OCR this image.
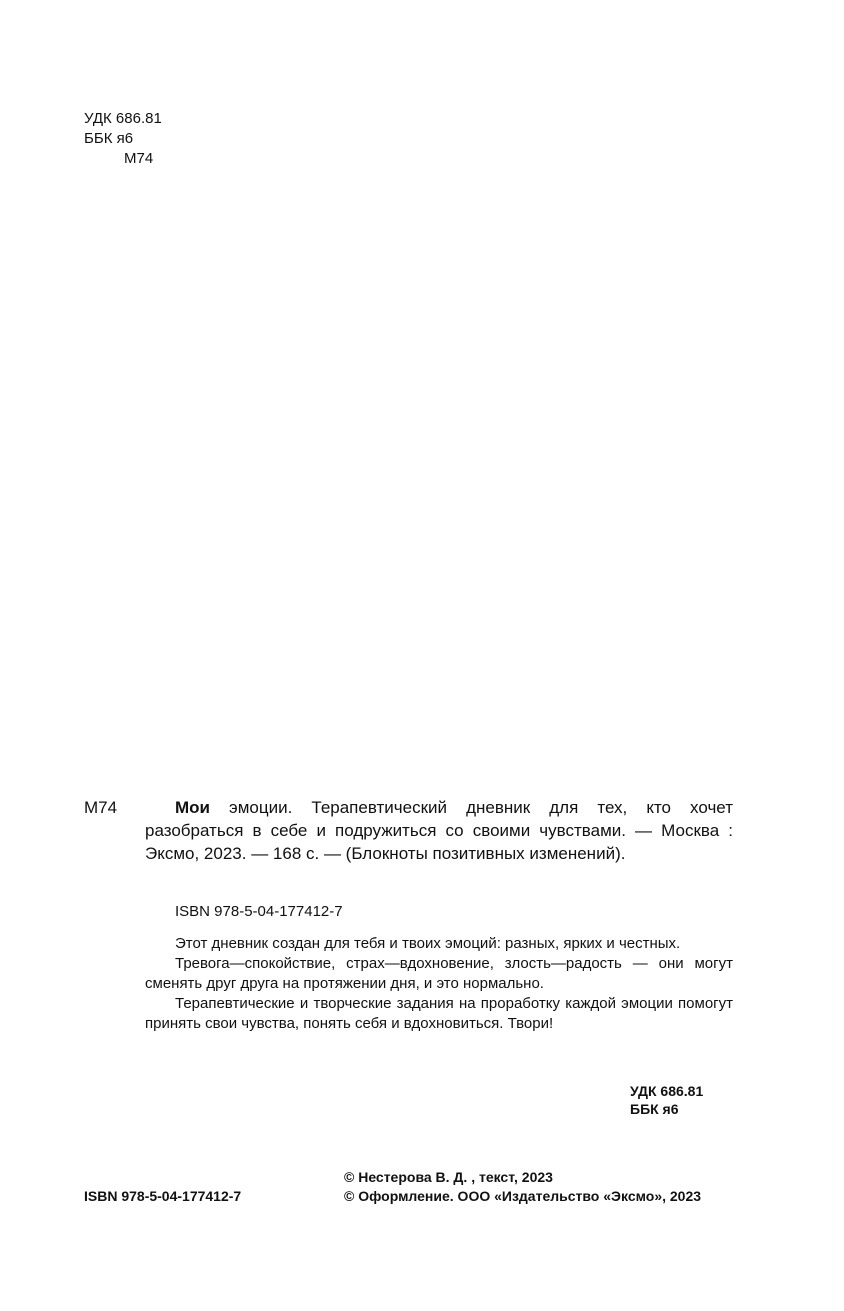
УДК 686.81
ББК я6
М74
М74	Мои эмоции. Терапевтический дневник для тех, кто хочет разобраться в себе и подружиться со своими чувствами. — Москва : Эксмо, 2023. — 168 с. — (Блокноты позитивных изменений).

ISBN 978-5-04-177412-7

Этот дневник создан для тебя и твоих эмоций: разных, ярких и честных.

Тревога—спокойствие, страх—вдохновение, злость—радость — они могут сменять друг друга на протяжении дня, и это нормально.

Терапевтические и творческие задания на проработку каждой эмоции помогут принять свои чувства, понять себя и вдохновиться. Твори!

УДК 686.81
ББК я6
ISBN 978-5-04-177412-7
© Нестерова В. Д. , текст, 2023
© Оформление. ООО «Издательство «Эксмо», 2023
